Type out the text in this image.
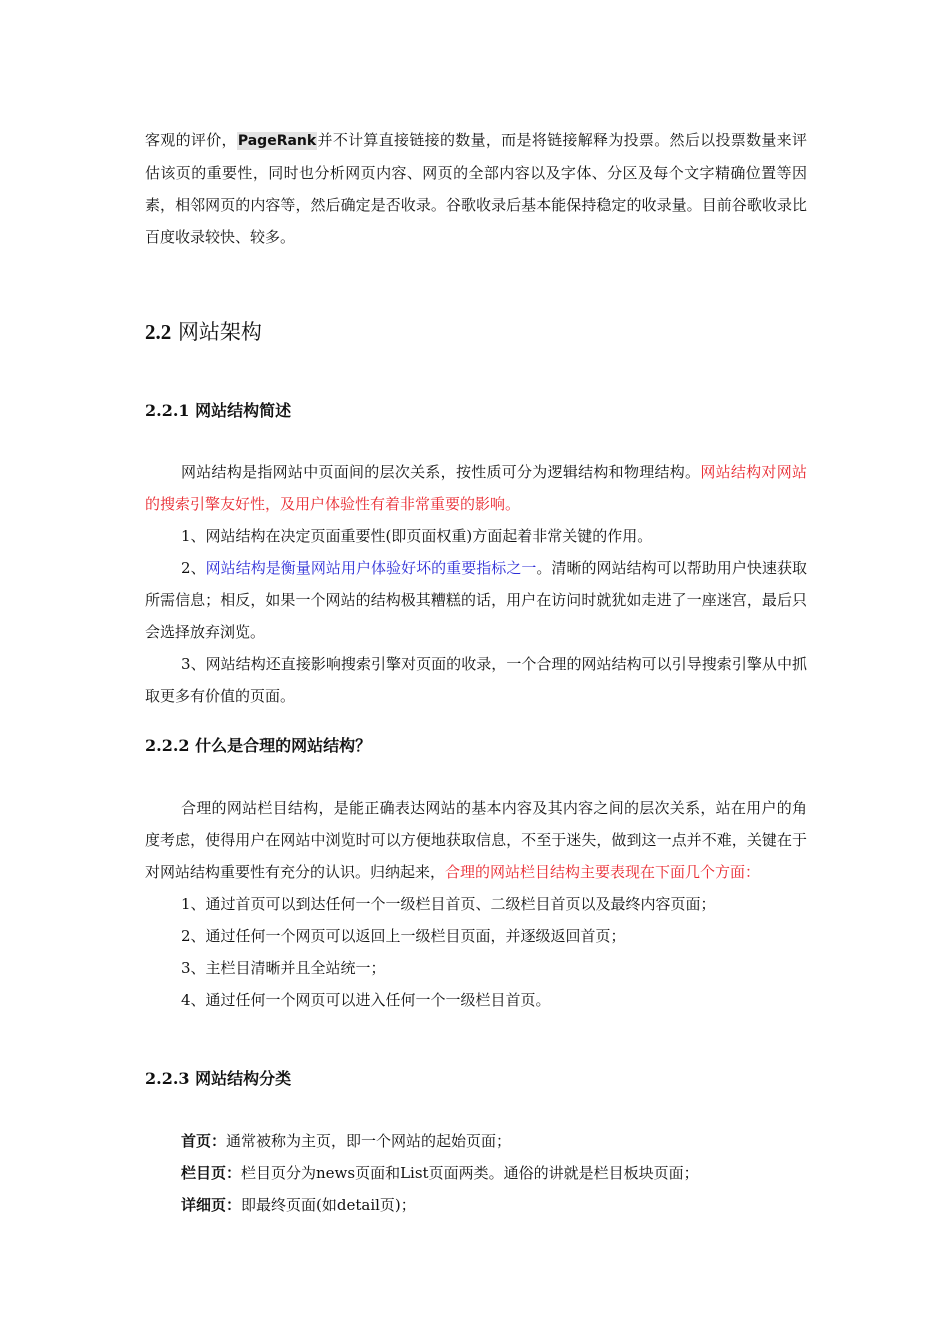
客观的评价，PageRank并不计算直接链接的数量，而是将链接解释为投票。然后以投票数量来评估该页的重要性，同时也分析网页内容、网页的全部内容以及字体、分区及每个文字精确位置等因素，相邻网页的内容等，然后确定是否收录。谷歌收录后基本能保持稳定的收录量。目前谷歌收录比百度收录较快、较多。

2.2 网站架构
2.2.1 网站结构简述

网站结构是指网站中页面间的层次关系，按性质可分为逻辑结构和物理结构。网站结构对网站的搜索引擎友好性，及用户体验性有着非常重要的影响。

1、网站结构在决定页面重要性(即页面权重)方面起着非常关键的作用。

2、网站结构是衡量网站用户体验好坏的重要指标之一。清晰的网站结构可以帮助用户快速获取所需信息；相反，如果一个网站的结构极其糟糕的话，用户在访问时就犹如走进了一座迷宫，最后只会选择放弃浏览。

3、网站结构还直接影响搜索引擎对页面的收录，一个合理的网站结构可以引导搜索引擎从中抓取更多有价值的页面。

2.2.2 什么是合理的网站结构？

合理的网站栏目结构，是能正确表达网站的基本内容及其内容之间的层次关系，站在用户的角度考虑，使得用户在网站中浏览时可以方便地获取信息，不至于迷失，做到这一点并不难，关键在于对网站结构重要性有充分的认识。归纳起来，合理的网站栏目结构主要表现在下面几个方面：

1、通过首页可以到达任何一个一级栏目首页、二级栏目首页以及最终内容页面；

2、通过任何一个网页可以返回上一级栏目页面，并逐级返回首页；

3、主栏目清晰并且全站统一；

4、通过任何一个网页可以进入任何一个一级栏目首页。

2.2.3 网站结构分类

首页：通常被称为主页，即一个网站的起始页面；

栏目页：栏目页分为news页面和List页面两类。通俗的讲就是栏目板块页面；

详细页：即最终页面(如detail页)；
